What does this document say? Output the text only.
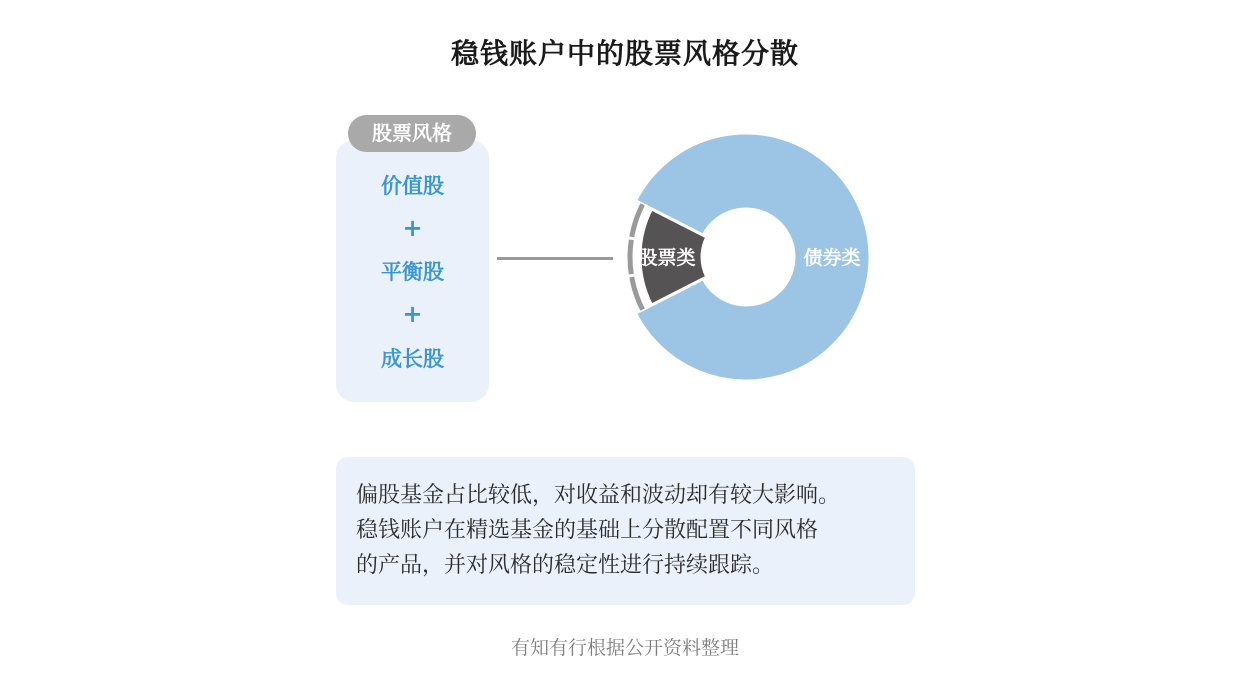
稳钱账户中的股票风格分散
股票风格
价值股
+
平衡股
+
成长股
股票类	债券类
偏股基金占比较低，对收益和波动却有较大影响。
稳钱账户在精选基金的基础上分散配置不同风格
的产品，并对风格的稳定性进行持续跟踪。
有知有行根据公开资料整理
